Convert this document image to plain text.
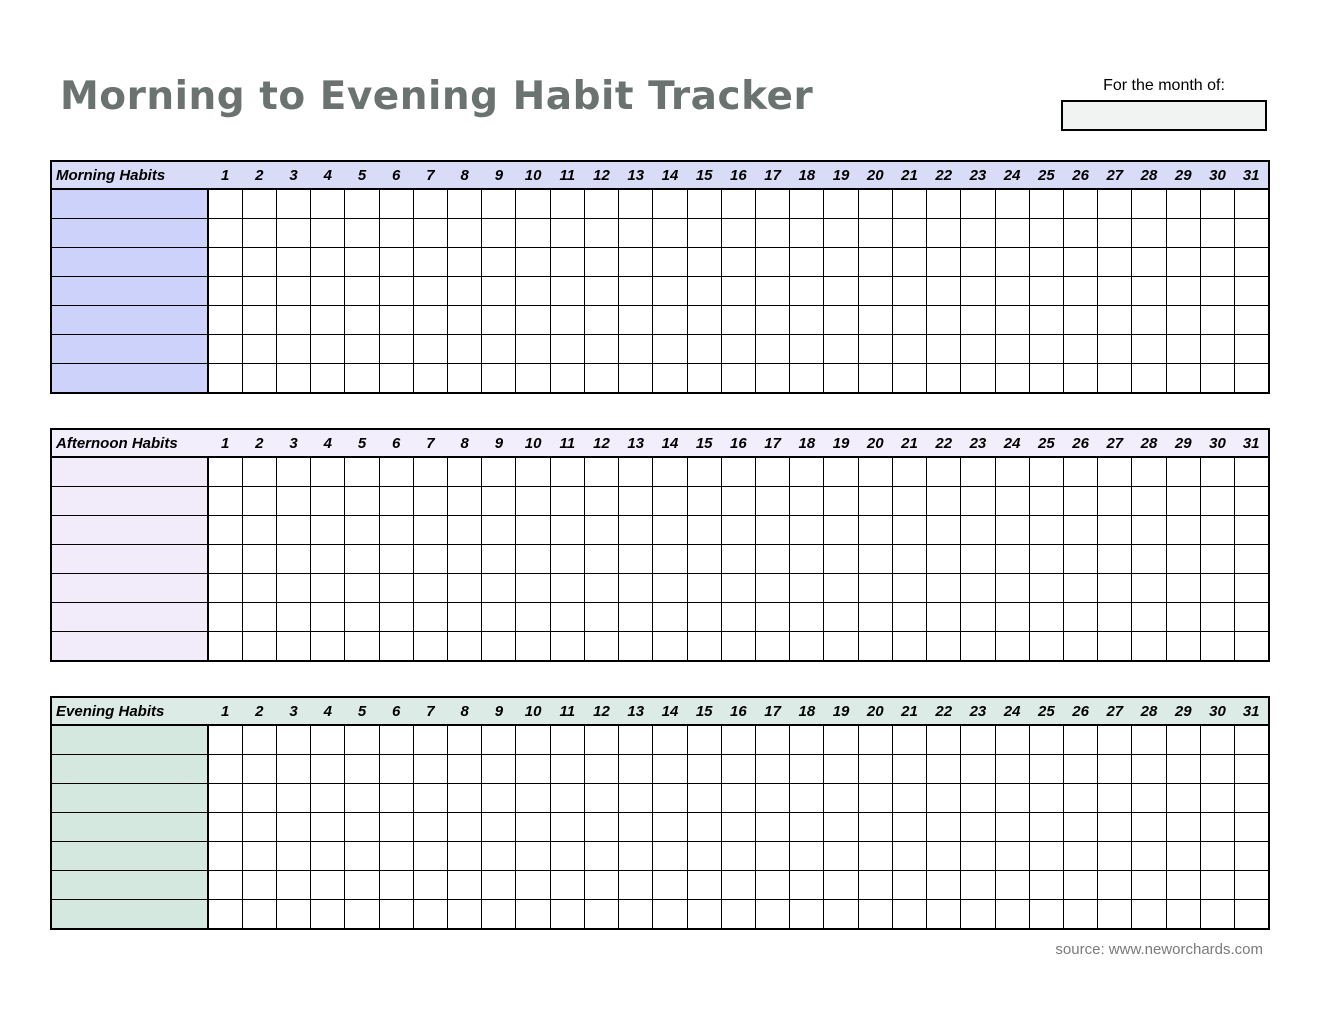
Morning to Evening Habit Tracker	For the month of:
Morning Habits	1	2	3	4	5	6	7	8	9	10	11	12	13	14	15	16	17	18	19	20	21	22	23	24	25	26	27	28	29	30	31

Afternoon Habits	1	2	3	4	5	6	7	8	9	10	11	12	13	14	15	16	17	18	19	20	21	22	23	24	25	26	27	28	29	30	31

Evening Habits	1	2	3	4	5	6	7	8	9	10	11	12	13	14	15	16	17	18	19	20	21	22	23	24	25	26	27	28	29	30	31

source: www.neworchards.com
